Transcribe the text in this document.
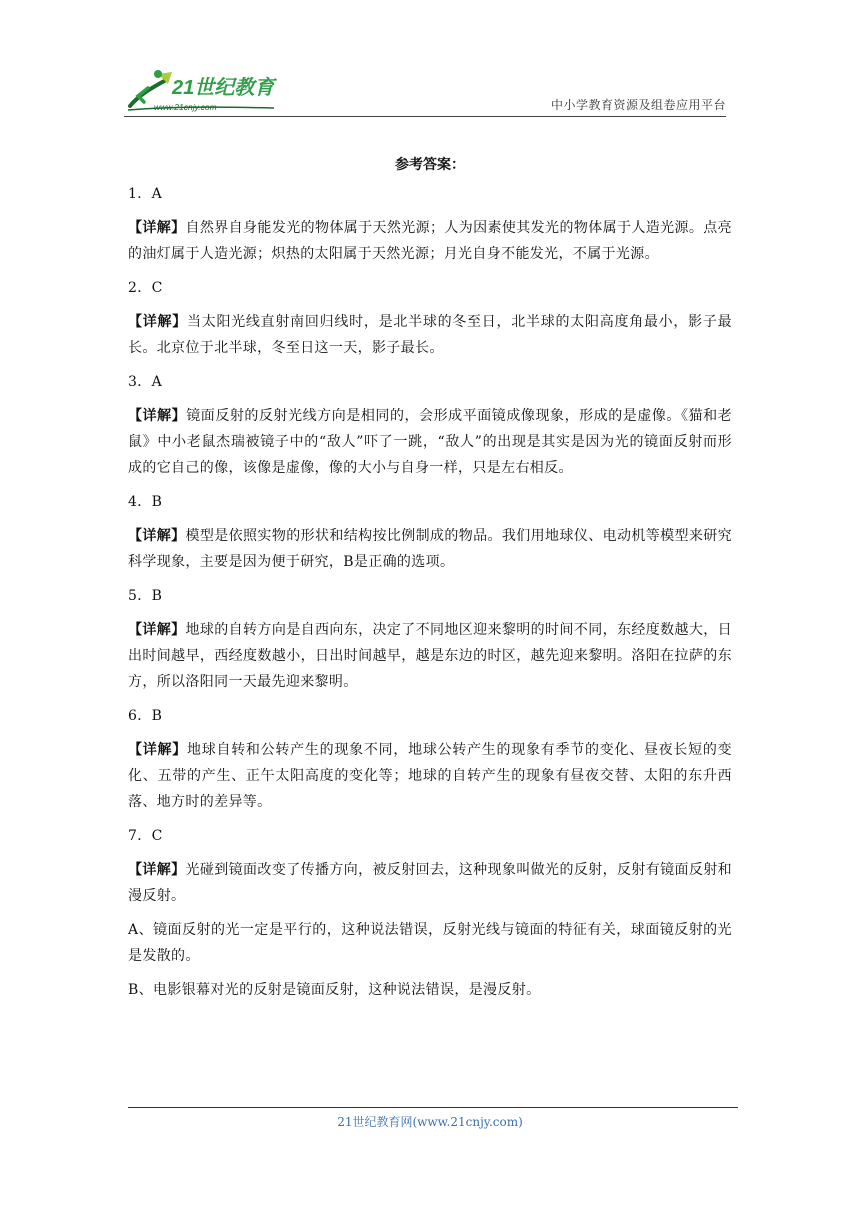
21世纪教育
www.21cnjy.com	中小学教育资源及组卷应用平台
参考答案：
1．A

【详解】自然界自身能发光的物体属于天然光源；人为因素使其发光的物体属于人造光源。点亮的油灯属于人造光源；炽热的太阳属于天然光源；月光自身不能发光，不属于光源。

2．C

【详解】当太阳光线直射南回归线时，是北半球的冬至日，北半球的太阳高度角最小，影子最长。北京位于北半球，冬至日这一天，影子最长。

3．A

【详解】镜面反射的反射光线方向是相同的，会形成平面镜成像现象，形成的是虚像。《猫和老鼠》中小老鼠杰瑞被镜子中的“敌人”吓了一跳，“敌人”的出现是其实是因为光的镜面反射而形成的它自己的像，该像是虚像，像的大小与自身一样，只是左右相反。

4．B

【详解】模型是依照实物的形状和结构按比例制成的物品。我们用地球仪、电动机等模型来研究科学现象，主要是因为便于研究，B是正确的选项。

5．B

【详解】地球的自转方向是自西向东，决定了不同地区迎来黎明的时间不同，东经度数越大，日出时间越早，西经度数越小，日出时间越早，越是东边的时区，越先迎来黎明。洛阳在拉萨的东方，所以洛阳同一天最先迎来黎明。

6．B

【详解】地球自转和公转产生的现象不同，地球公转产生的现象有季节的变化、昼夜长短的变化、五带的产生、正午太阳高度的变化等；地球的自转产生的现象有昼夜交替、太阳的东升西落、地方时的差异等。

7．C

【详解】光碰到镜面改变了传播方向，被反射回去，这种现象叫做光的反射，反射有镜面反射和漫反射。

A、镜面反射的光一定是平行的，这种说法错误，反射光线与镜面的特征有关，球面镜反射的光是发散的。

B、电影银幕对光的反射是镜面反射，这种说法错误，是漫反射。

21世纪教育网(www.21cnjy.com)
